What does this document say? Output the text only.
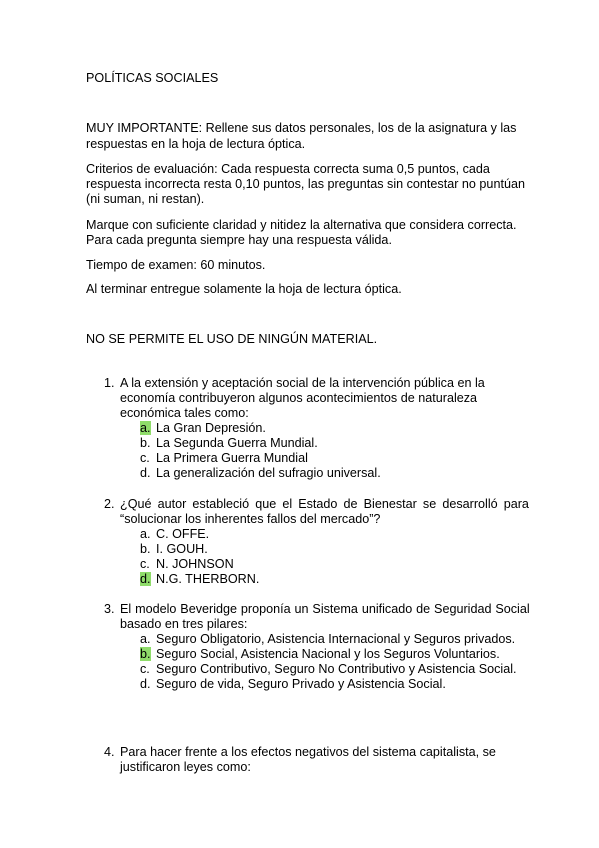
POLÍTICAS SOCIALES
MUY IMPORTANTE: Rellene sus datos personales, los de la asignatura y las
respuestas en la hoja de lectura óptica.
Criterios de evaluación: Cada respuesta correcta suma 0,5 puntos, cada
respuesta incorrecta resta 0,10 puntos, las preguntas sin contestar no puntúan
(ni suman, ni restan).
Marque con suficiente claridad y nitidez la alternativa que considera correcta.
Para cada pregunta siempre hay una respuesta válida.
Tiempo de examen: 60 minutos.
Al terminar entregue solamente la hoja de lectura óptica.
NO SE PERMITE EL USO DE NINGÚN MATERIAL.
1. A la extensión y aceptación social de la intervención pública en la
economía contribuyeron algunos acontecimientos de naturaleza
económica tales como:
a. La Gran Depresión.
b. La Segunda Guerra Mundial.
c. La Primera Guerra Mundial
d. La generalización del sufragio universal.
2. ¿Qué autor estableció que el Estado de Bienestar se desarrolló para
“solucionar los inherentes fallos del mercado”?
a. C. OFFE.
b. I. GOUH.
c. N. JOHNSON
d. N.G. THERBORN.
3. El modelo Beveridge proponía un Sistema unificado de Seguridad Social
basado en tres pilares:
a. Seguro Obligatorio, Asistencia Internacional y Seguros privados.
b. Seguro Social, Asistencia Nacional y los Seguros Voluntarios.
c. Seguro Contributivo, Seguro No Contributivo y Asistencia Social.
d. Seguro de vida, Seguro Privado y Asistencia Social.
4. Para hacer frente a los efectos negativos del sistema capitalista, se
justificaron leyes como:
